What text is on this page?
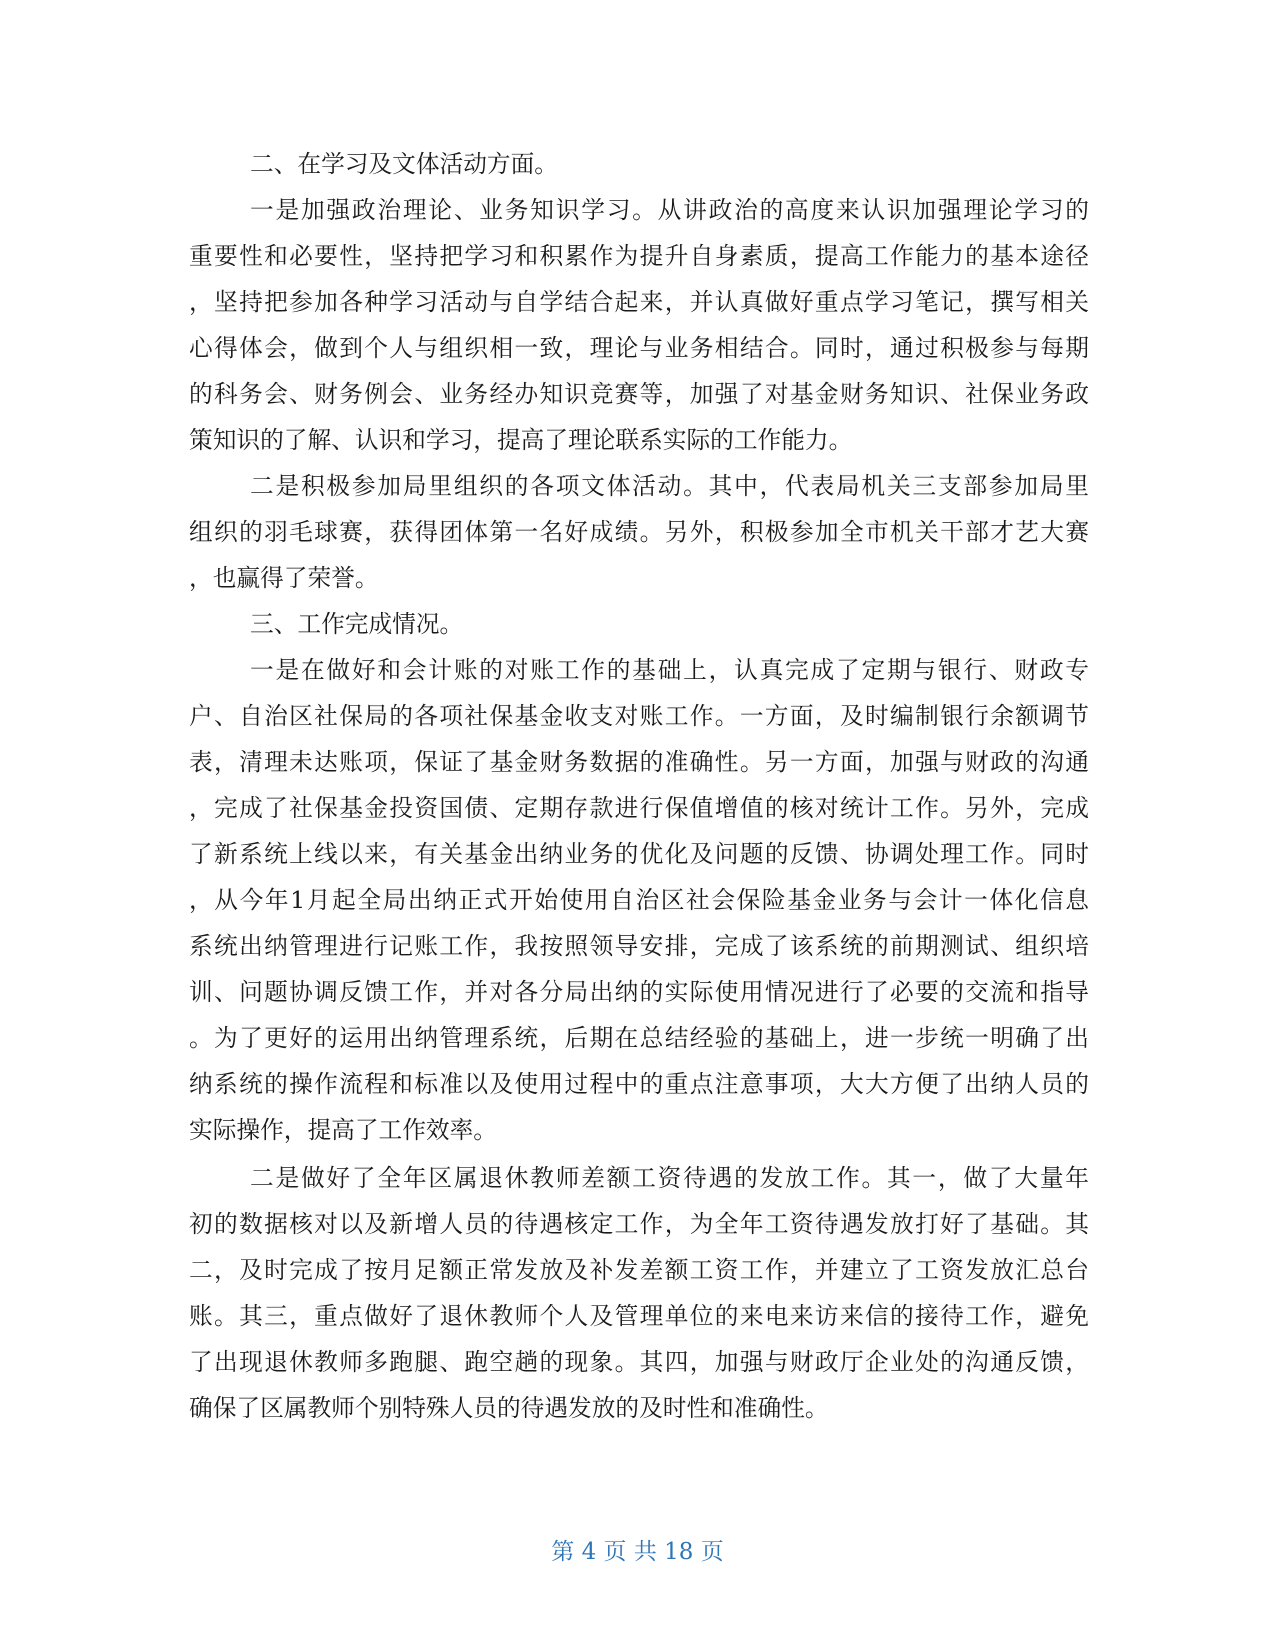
二、在学习及文体活动方面。
一是加强政治理论、业务知识学习。从讲政治的高度来认识加强理论学习的
重要性和必要性，坚持把学习和积累作为提升自身素质，提高工作能力的基本途径
，坚持把参加各种学习活动与自学结合起来，并认真做好重点学习笔记，撰写相关
心得体会，做到个人与组织相一致，理论与业务相结合。同时，通过积极参与每期
的科务会、财务例会、业务经办知识竞赛等，加强了对基金财务知识、社保业务政
策知识的了解、认识和学习，提高了理论联系实际的工作能力。
二是积极参加局里组织的各项文体活动。其中，代表局机关三支部参加局里
组织的羽毛球赛，获得团体第一名好成绩。另外，积极参加全市机关干部才艺大赛
，也赢得了荣誉。
三、工作完成情况。
一是在做好和会计账的对账工作的基础上，认真完成了定期与银行、财政专
户、自治区社保局的各项社保基金收支对账工作。一方面，及时编制银行余额调节
表，清理未达账项，保证了基金财务数据的准确性。另一方面，加强与财政的沟通
，完成了社保基金投资国债、定期存款进行保值增值的核对统计工作。另外，完成
了新系统上线以来，有关基金出纳业务的优化及问题的反馈、协调处理工作。同时
，从今年1月起全局出纳正式开始使用自治区社会保险基金业务与会计一体化信息
系统出纳管理进行记账工作，我按照领导安排，完成了该系统的前期测试、组织培
训、问题协调反馈工作，并对各分局出纳的实际使用情况进行了必要的交流和指导
。为了更好的运用出纳管理系统，后期在总结经验的基础上，进一步统一明确了出
纳系统的操作流程和标准以及使用过程中的重点注意事项，大大方便了出纳人员的
实际操作，提高了工作效率。
二是做好了全年区属退休教师差额工资待遇的发放工作。其一，做了大量年
初的数据核对以及新增人员的待遇核定工作，为全年工资待遇发放打好了基础。其
二，及时完成了按月足额正常发放及补发差额工资工作，并建立了工资发放汇总台
账。其三，重点做好了退休教师个人及管理单位的来电来访来信的接待工作，避免
了出现退休教师多跑腿、跑空趟的现象。其四，加强与财政厅企业处的沟通反馈，
确保了区属教师个别特殊人员的待遇发放的及时性和准确性。
第 4 页 共 18 页
